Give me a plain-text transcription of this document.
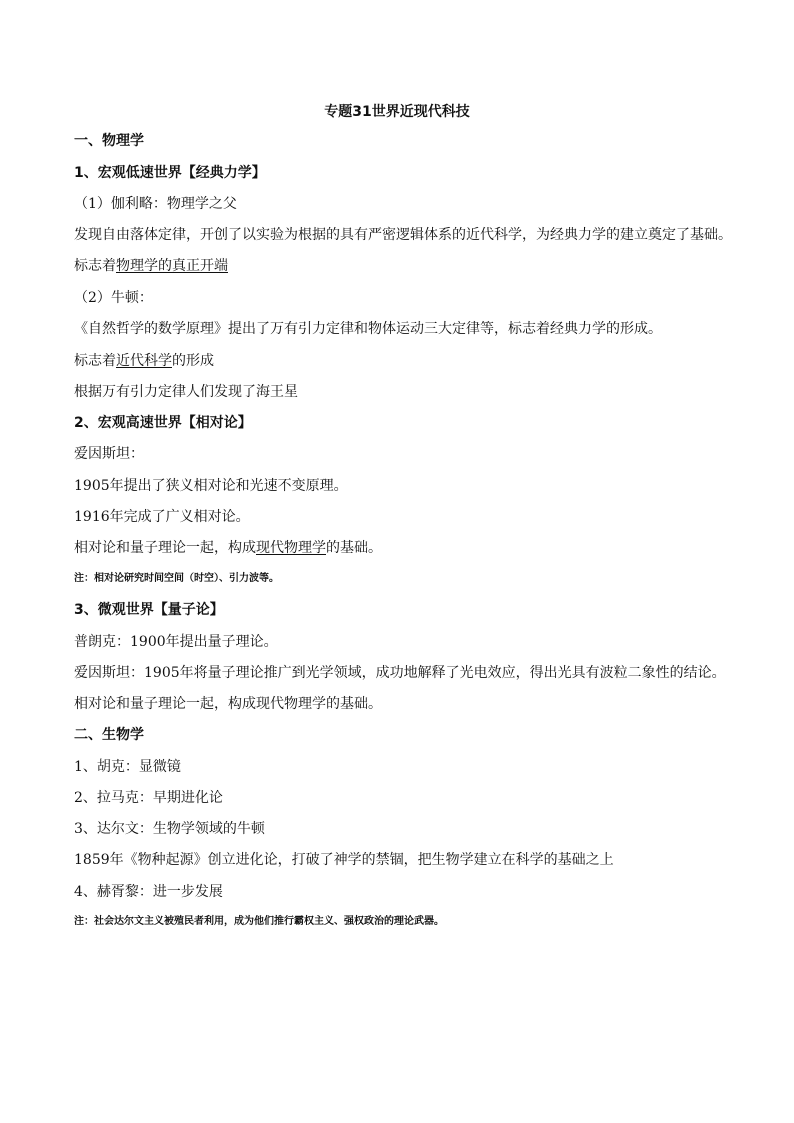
专题31世界近现代科技
一、物理学
1、宏观低速世界【经典力学】
（1）伽利略：物理学之父
发现自由落体定律，开创了以实验为根据的具有严密逻辑体系的近代科学，为经典力学的建立奠定了基础。
标志着物理学的真正开端
（2）牛顿：
《自然哲学的数学原理》提出了万有引力定律和物体运动三大定律等，标志着经典力学的形成。
标志着近代科学的形成
根据万有引力定律人们发现了海王星
2、宏观高速世界【相对论】
爱因斯坦：
1905年提出了狭义相对论和光速不变原理。
1916年完成了广义相对论。
相对论和量子理论一起，构成现代物理学的基础。
注：相对论研究时间空间（时空）、引力波等。
3、微观世界【量子论】
普朗克：1900年提出量子理论。
爱因斯坦：1905年将量子理论推广到光学领域，成功地解释了光电效应，得出光具有波粒二象性的结论。
相对论和量子理论一起，构成现代物理学的基础。
二、生物学
1、胡克：显微镜
2、拉马克：早期进化论
3、达尔文：生物学领域的牛顿
1859年《物种起源》创立进化论，打破了神学的禁锢，把生物学建立在科学的基础之上
4、赫胥黎：进一步发展
注：社会达尔文主义被殖民者利用，成为他们推行霸权主义、强权政治的理论武器。
